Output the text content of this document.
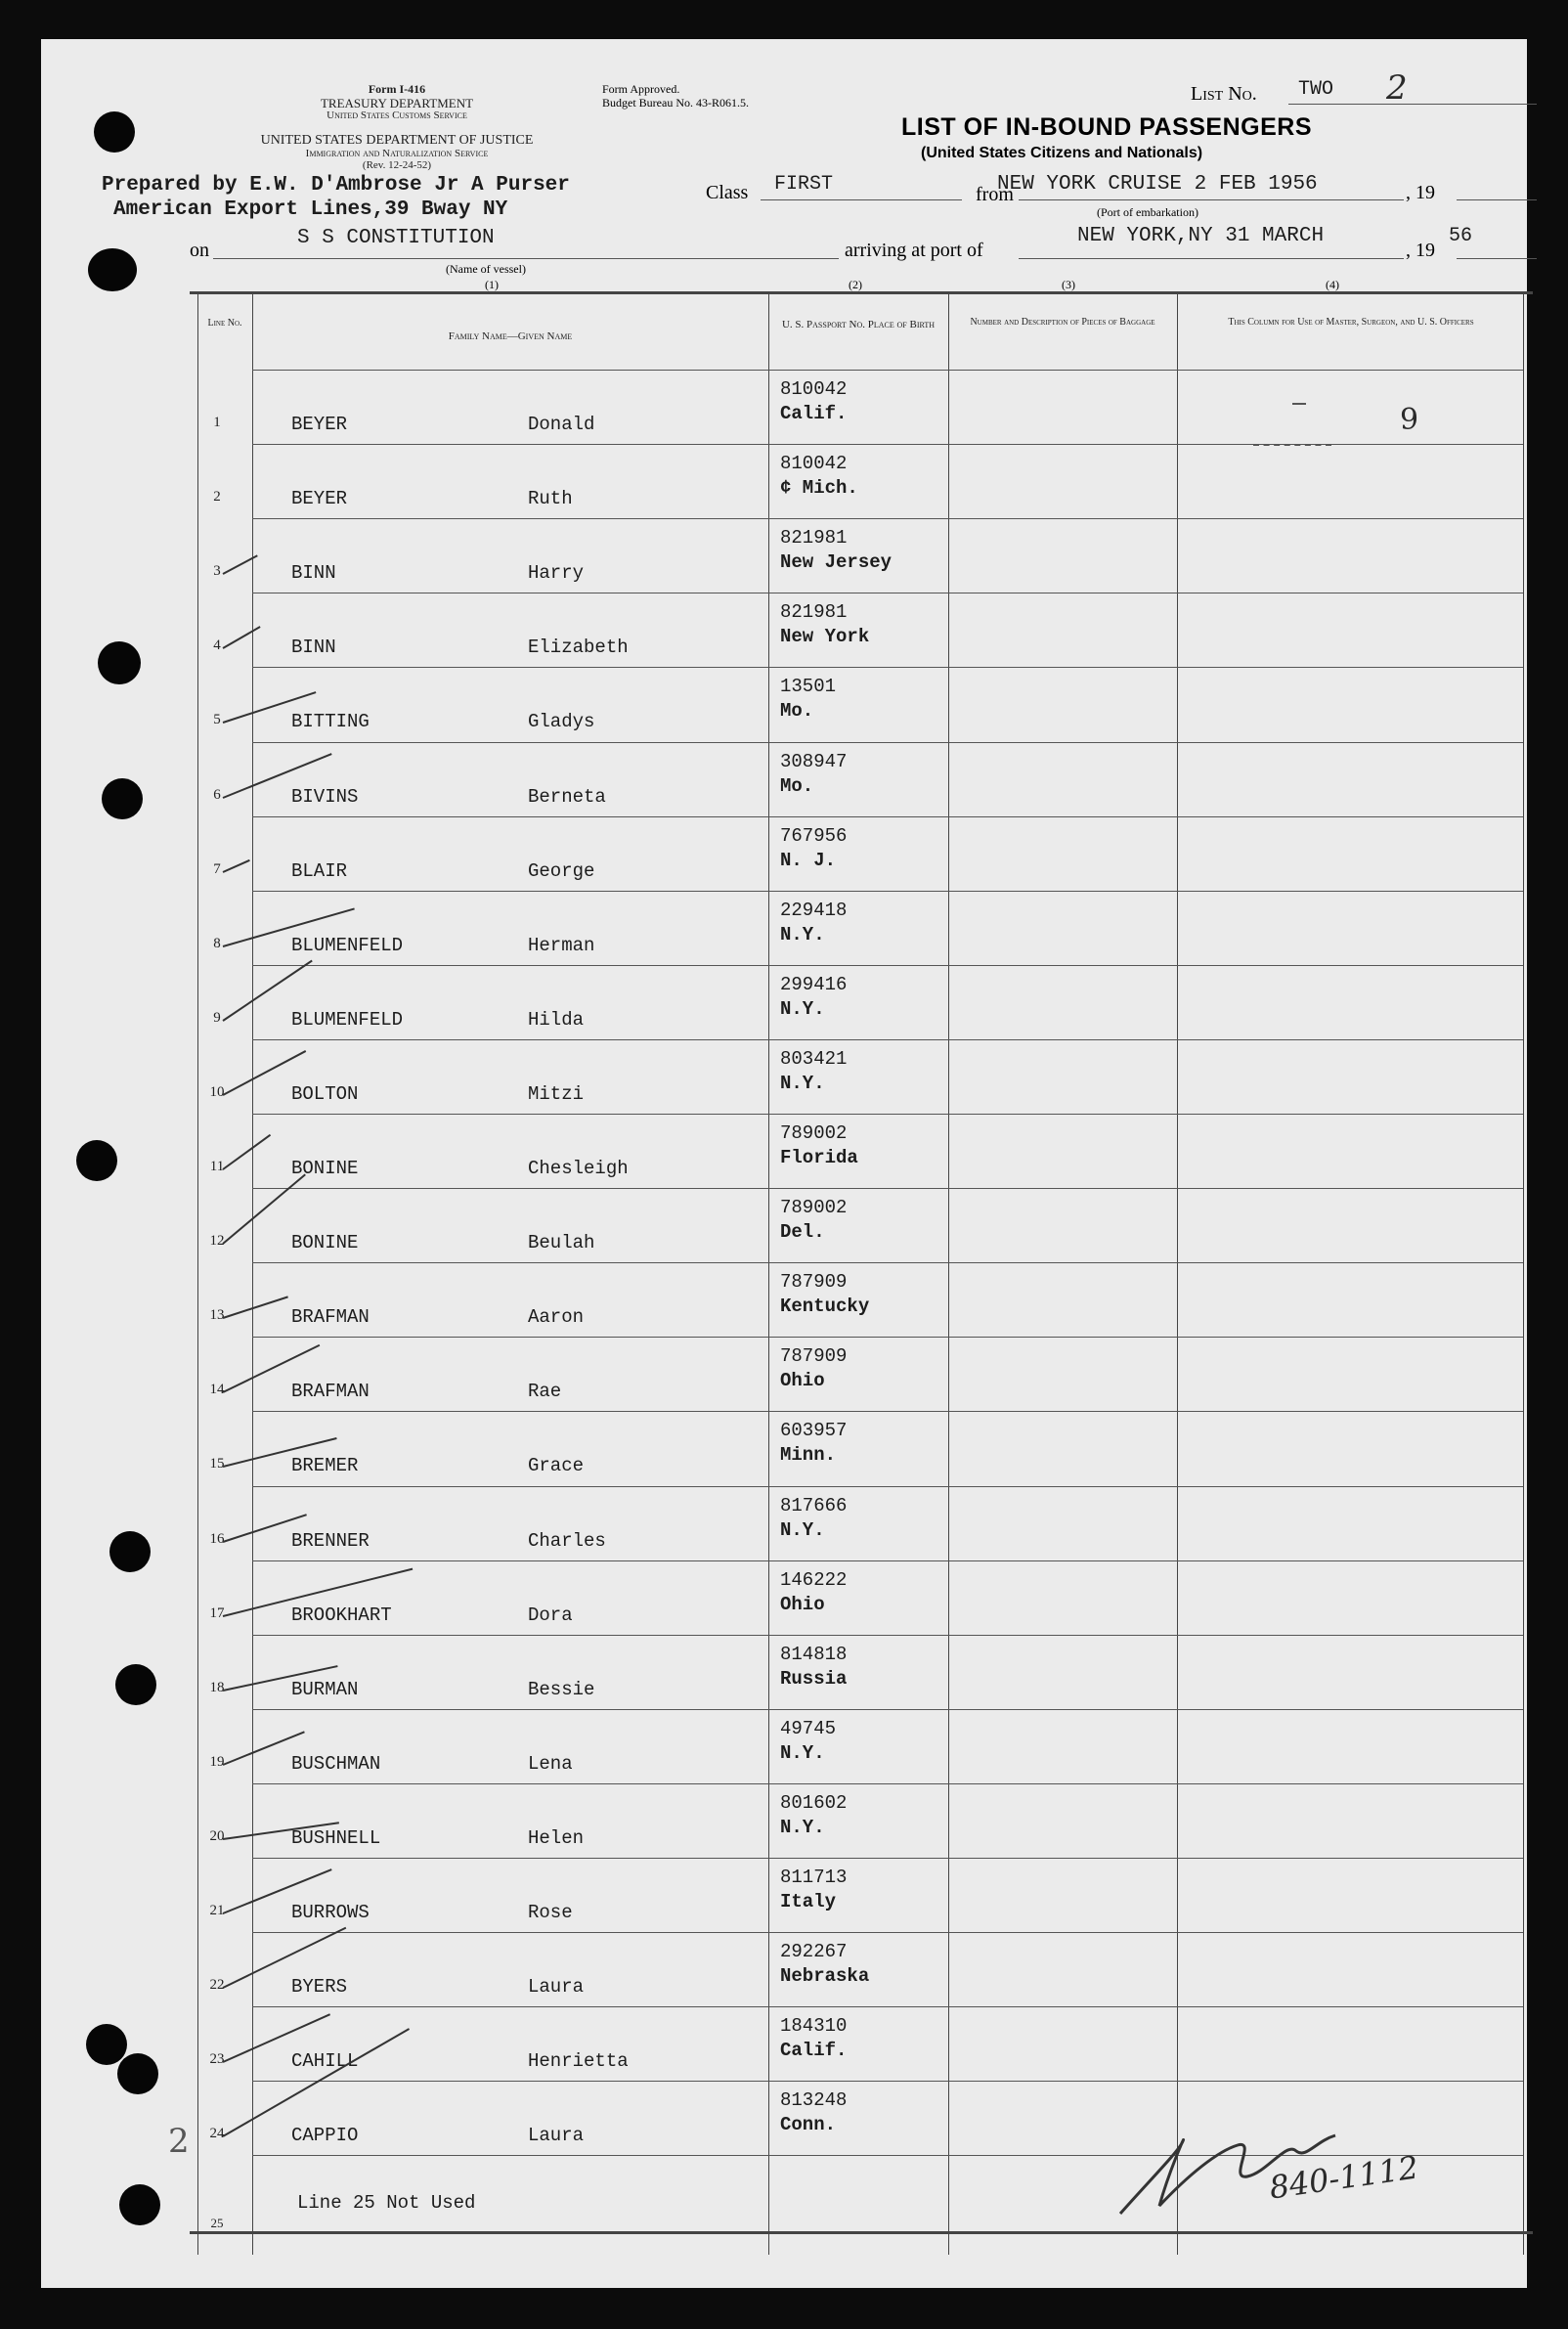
Form I-416
TREASURY DEPARTMENT
United States Customs Service
UNITED STATES DEPARTMENT OF JUSTICE
Immigration and Naturalization Service
(Rev. 12-24-52)
Form Approved.
Budget Bureau No. 43-R061.5.	List No. TWO 2
LIST OF IN-BOUND PASSENGERS
(United States Citizens and Nationals)
Prepared by E.W. D'Ambrose Jr A Purser
American Export Lines,39 Bway NY
on
S S CONSTITUTION
(Name of vessel)
(1)
Class FIRST	from
NEW YORK CRUISE 2 FEB 1956	, 19
(Port of embarkation)
arriving at port of
NEW YORK,NY 31 MARCH
, 19
56
(2)	(3)	(4)
Line No.
Family Name—Given Name
U. S. Passport No. Place of Birth	Number and Description of Pieces of Baggage	This Column for Use of Master, Surgeon, and U. S. Officers
1	BEYER	Donald
810042
Calif.
2	BEYER	Ruth
810042
¢ Mich.
3	BINN	Harry
821981
New Jersey
4	BINN	Elizabeth
821981
New York
5	BITTING	Gladys
13501
Mo.
6	BIVINS	Berneta
308947
Mo.
7	BLAIR	George
767956
N. J.
8	BLUMENFELD	Herman
229418
N.Y.
9	BLUMENFELD	Hilda
299416
N.Y.
10	BOLTON	Mitzi
803421
N.Y.
11	BONINE	Chesleigh
789002
Florida
12	BONINE	Beulah
789002
Del.
13	BRAFMAN	Aaron
787909
Kentucky
14	BRAFMAN	Rae
787909
Ohio
15	BREMER	Grace
603957
Minn.
16	BRENNER	Charles
817666
N.Y.
17	BROOKHART	Dora
146222
Ohio
18	BURMAN	Bessie
814818
Russia
19	BUSCHMAN	Lena
49745
N.Y.
20	BUSHNELL	Helen
801602
N.Y.
21	BURROWS	Rose
811713
Italy
22	BYERS	Laura
292267
Nebraska
23	CAHILL	Henrietta
184310
Calif.
24	CAPPIO	Laura
813248
Conn.
25
Line 25 Not Used
9
2
840-1112
